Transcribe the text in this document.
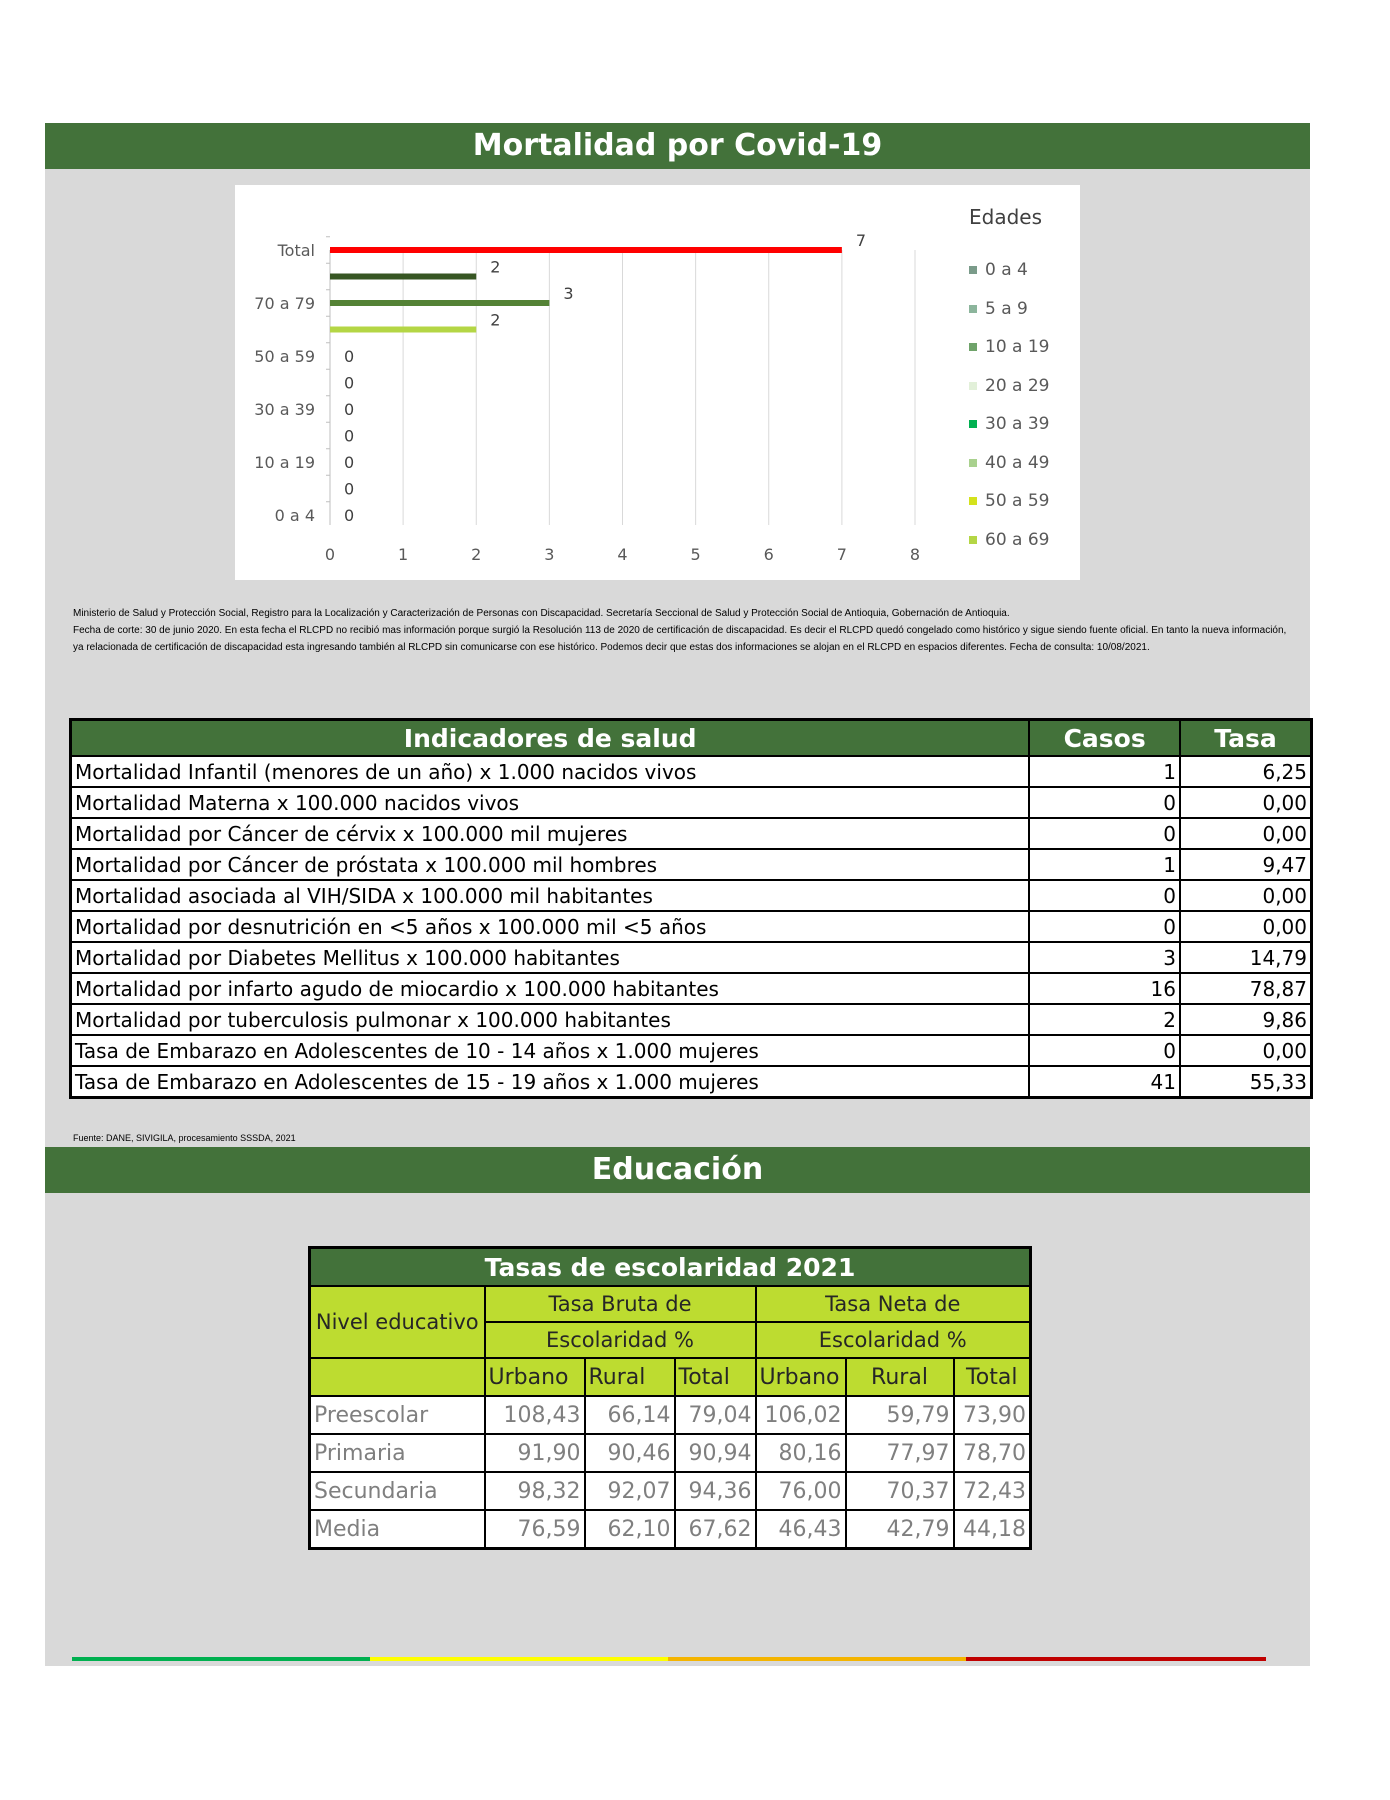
Mortalidad por Covid-19
0	1	2	3	4	5	6	7	8
0
0
0
0
0
0
0
2
3
2
7
0 a 4
10 a 19
30 a 39
50 a 59
70 a 79
Total
Edades
0 a 4
5 a 9
10 a 19
20 a 29
30 a 39
40 a 49
50 a 59
60 a 69
Ministerio de Salud y Protección Social, Registro para la Localización y Caracterización de Personas con Discapacidad. Secretaría Seccional de Salud y Protección Social de Antioquia, Gobernación de Antioquia.
Fecha de corte: 30 de junio 2020. En esta fecha el RLCPD no recibió mas información porque surgió la Resolución 113 de 2020 de certificación de discapacidad. Es decir el RLCPD quedó congelado como histórico y sigue siendo fuente oficial. En tanto la nueva información, ya relacionada de certificación de discapacidad esta ingresando también al RLCPD sin comunicarse con ese histórico. Podemos decir que estas dos informaciones se alojan en el RLCPD en espacios diferentes. Fecha de consulta: 10/08/2021.
Indicadores de salud	Casos	Tasa
Mortalidad Infantil (menores de un año) x 1.000 nacidos vivos	1	6,25
Mortalidad Materna x 100.000 nacidos vivos	0	0,00
Mortalidad por Cáncer de cérvix x 100.000 mil mujeres	0	0,00
Mortalidad por Cáncer de próstata x 100.000 mil hombres	1	9,47
Mortalidad asociada al VIH/SIDA x 100.000 mil habitantes	0	0,00
Mortalidad por desnutrición en <5 años x 100.000 mil <5 años	0	0,00
Mortalidad por Diabetes Mellitus x 100.000 habitantes	3	14,79
Mortalidad por infarto agudo de miocardio x 100.000 habitantes	16	78,87
Mortalidad por tuberculosis pulmonar x 100.000 habitantes	2	9,86
Tasa de Embarazo en Adolescentes de 10 - 14 años x 1.000 mujeres	0	0,00
Tasa de Embarazo en Adolescentes de 15 - 19 años x 1.000 mujeres	41	55,33
Fuente: DANE, SIVIGILA, procesamiento SSSDA, 2021
Educación
Tasas de escolaridad 2021						
Nivel educativo	Tasa Bruta de			Tasa Neta de		
	Escolaridad %			Escolaridad %		
	Urbano	Rural	Total	Urbano	Rural	Total
Preescolar	108,43	66,14	79,04	106,02	59,79	73,90
Primaria	91,90	90,46	90,94	80,16	77,97	78,70
Secundaria	98,32	92,07	94,36	76,00	70,37	72,43
Media	76,59	62,10	67,62	46,43	42,79	44,18
